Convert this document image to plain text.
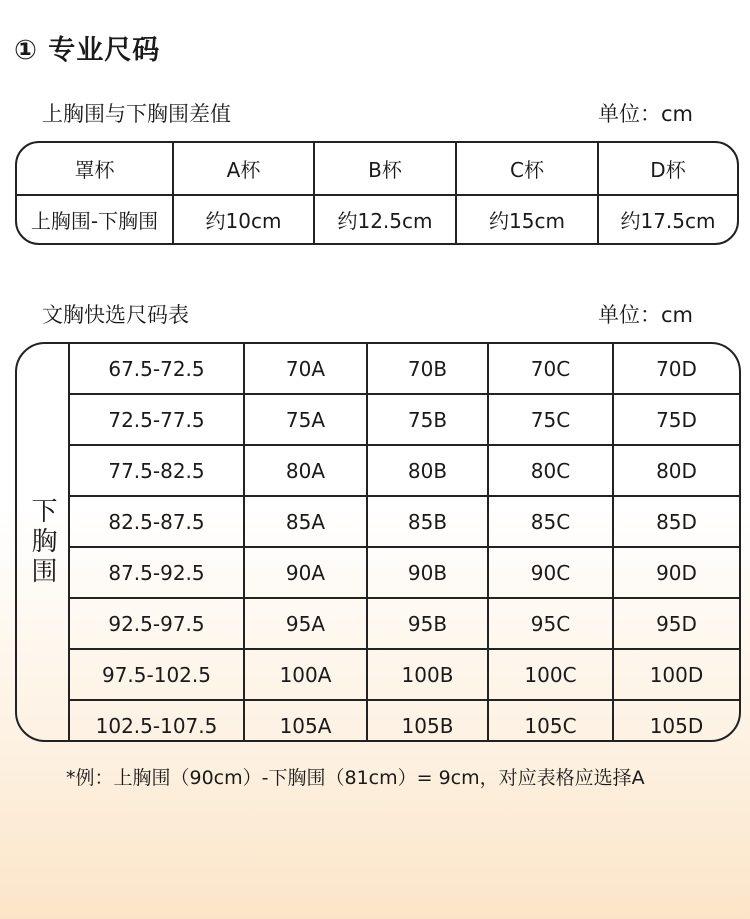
① 专业尺码
上胸围与下胸围差值	单位：cm
罩杯	A杯	B杯	C杯	D杯
上胸围-下胸围	约10cm	约12.5cm	约15cm	约17.5cm
文胸快选尺码表	单位：cm
下胸围
67.5-72.5	70A	70B	70C	70D
72.5-77.5	75A	75B	75C	75D
77.5-82.5	80A	80B	80C	80D
82.5-87.5	85A	85B	85C	85D
87.5-92.5	90A	90B	90C	90D
92.5-97.5	95A	95B	95C	95D
97.5-102.5	100A	100B	100C	100D
102.5-107.5	105A	105B	105C	105D
*例：上胸围（90cm）-下胸围（81cm）= 9cm，对应表格应选择A
